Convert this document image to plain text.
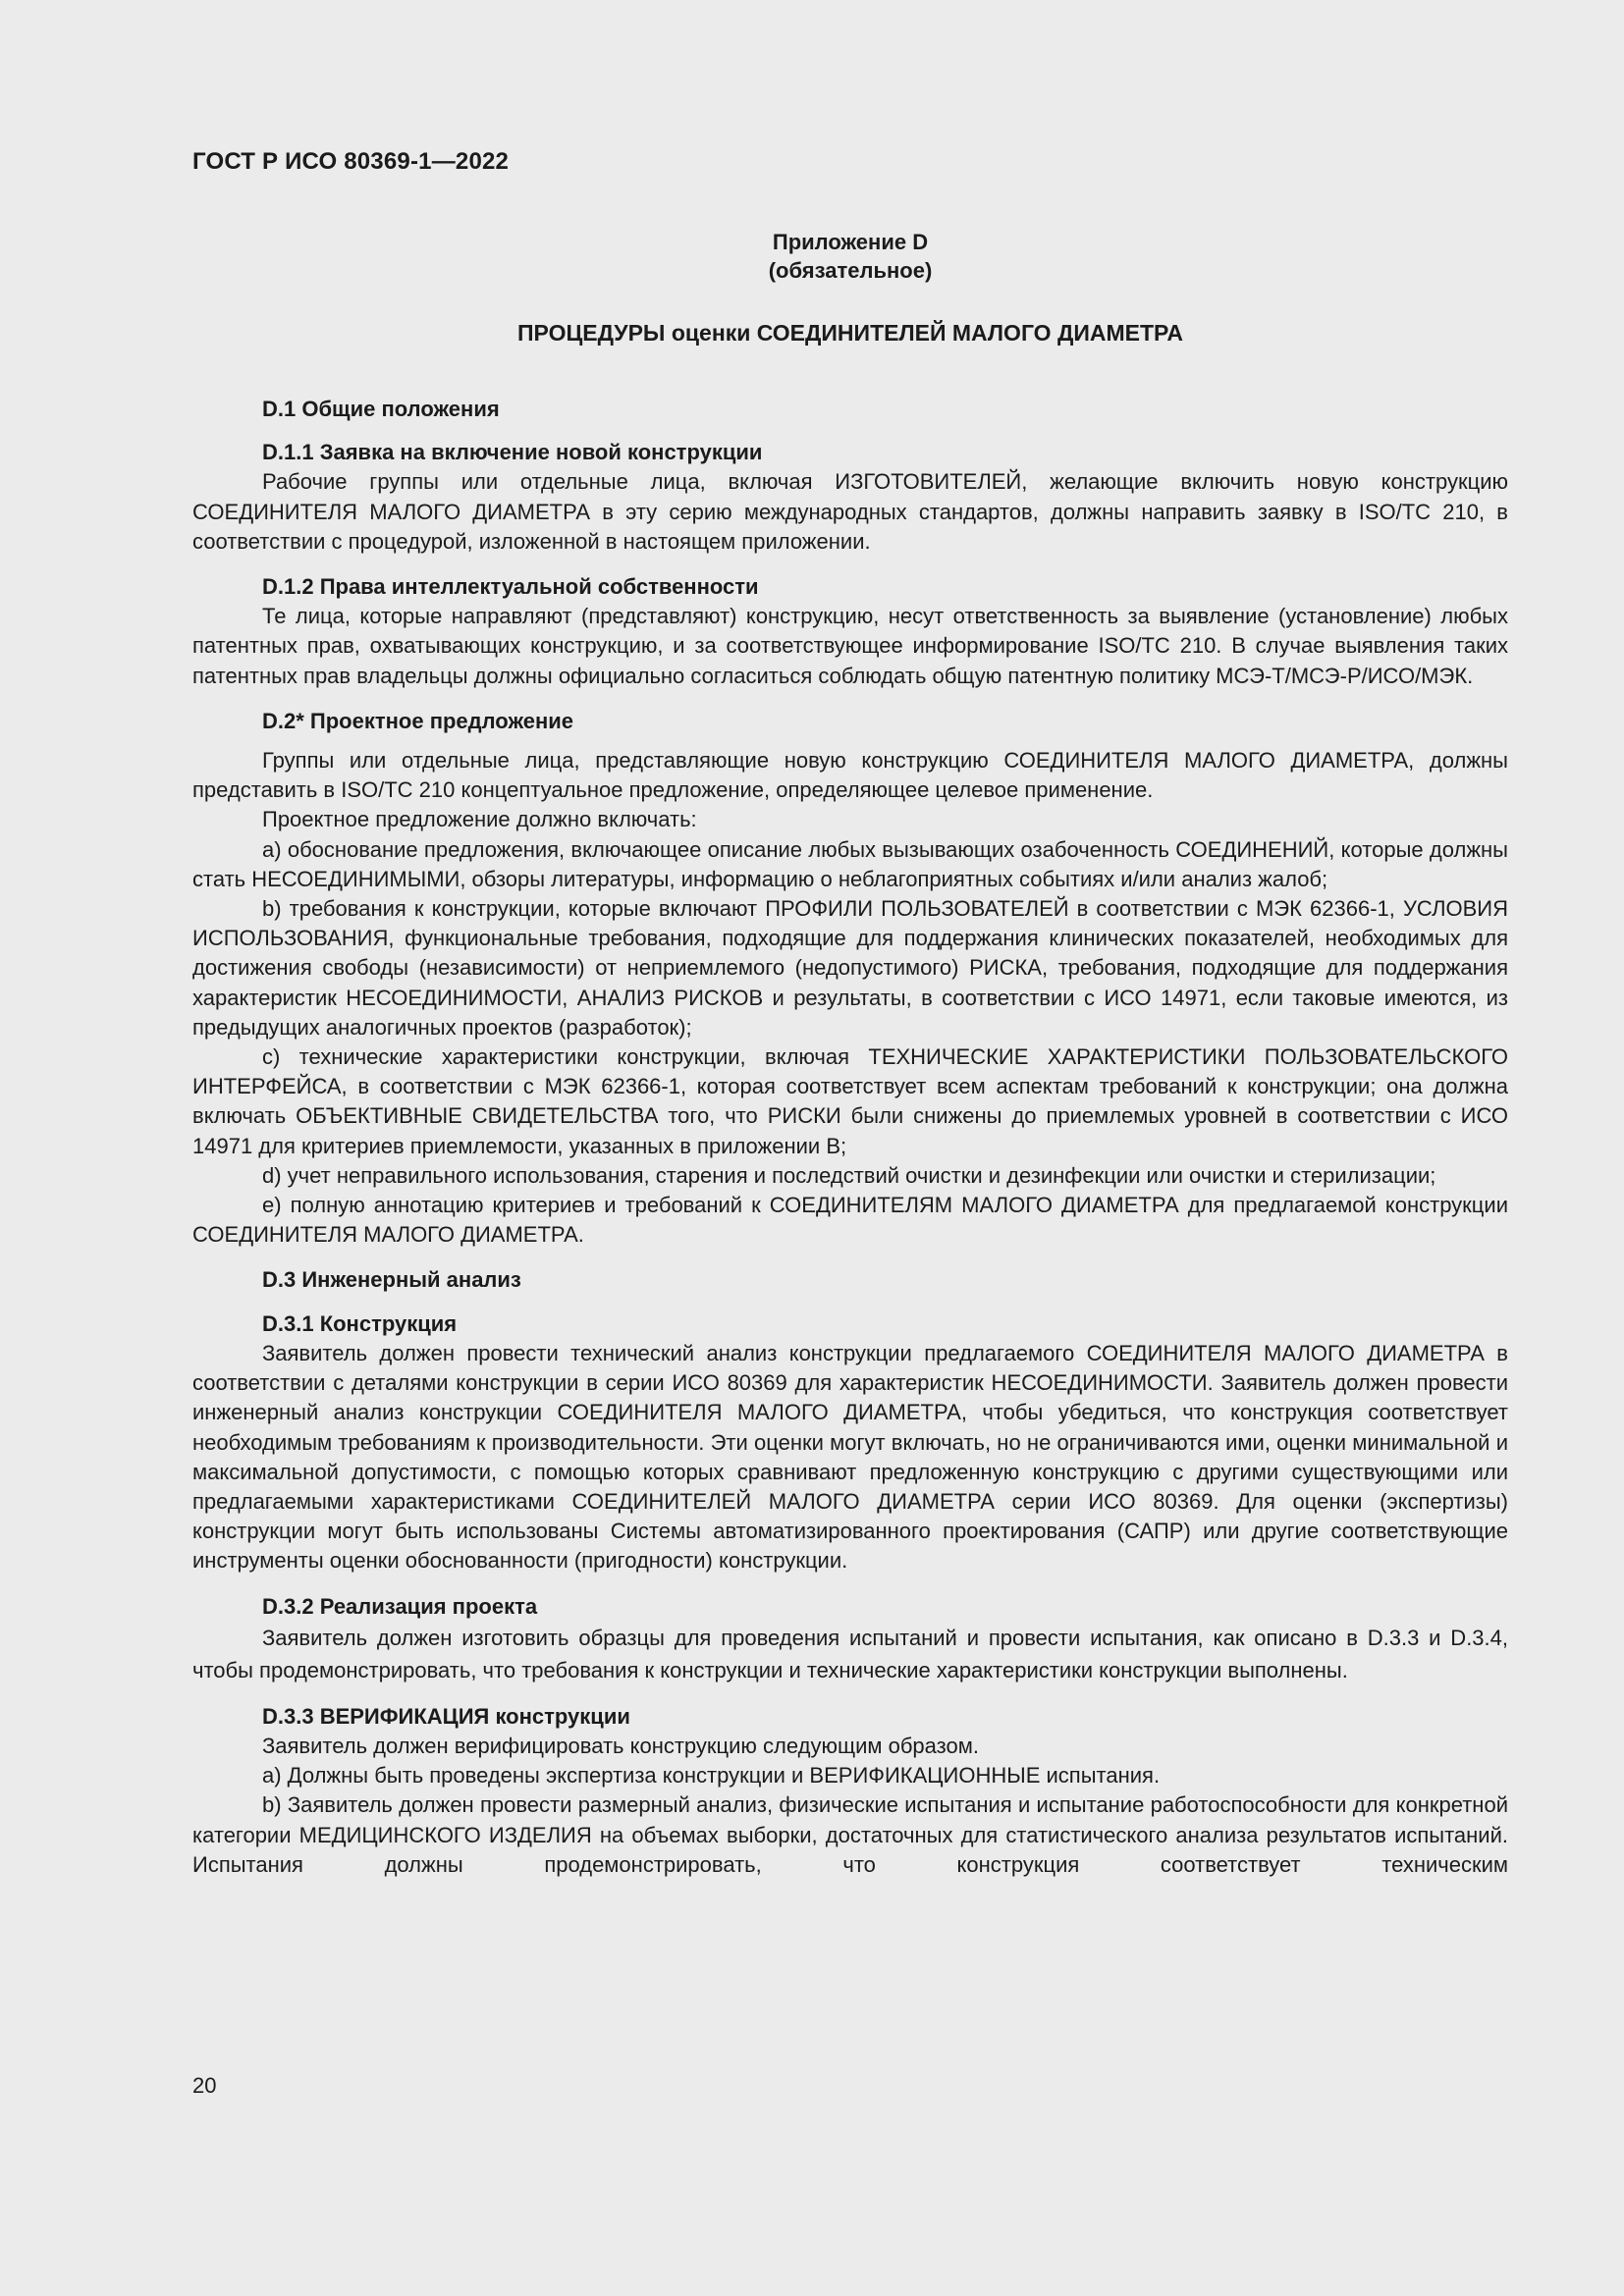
ГОСТ Р ИСО 80369-1—2022
Приложение D
(обязательное)
ПРОЦЕДУРЫ оценки СОЕДИНИТЕЛЕЙ МАЛОГО ДИАМЕТРА
D.1 Общие положения
D.1.1 Заявка на включение новой конструкции
Рабочие группы или отдельные лица, включая ИЗГОТОВИТЕЛЕЙ, желающие включить новую конструкцию СОЕДИНИТЕЛЯ МАЛОГО ДИАМЕТРА в эту серию международных стандартов, должны направить заявку в ISO/TC 210, в соответствии с процедурой, изложенной в настоящем приложении.
D.1.2 Права интеллектуальной собственности
Те лица, которые направляют (представляют) конструкцию, несут ответственность за выявление (установление) любых патентных прав, охватывающих конструкцию, и за соответствующее информирование ISO/TC 210. В случае выявления таких патентных прав владельцы должны официально согласиться соблюдать общую патентную политику МСЭ-Т/МСЭ-Р/ИСО/МЭК.
D.2* Проектное предложение
Группы или отдельные лица, представляющие новую конструкцию СОЕДИНИТЕЛЯ МАЛОГО ДИАМЕТРА, должны представить в ISO/TC 210 концептуальное предложение, определяющее целевое применение.
Проектное предложение должно включать:
a) обоснование предложения, включающее описание любых вызывающих озабоченность СОЕДИНЕНИЙ, которые должны стать НЕСОЕДИНИМЫМИ, обзоры литературы, информацию о неблагоприятных событиях и/или анализ жалоб;
b) требования к конструкции, которые включают ПРОФИЛИ ПОЛЬЗОВАТЕЛЕЙ в соответствии с МЭК 62366-1, УСЛОВИЯ ИСПОЛЬЗОВАНИЯ, функциональные требования, подходящие для поддержания клинических показателей, необходимых для достижения свободы (независимости) от неприемлемого (недопустимого) РИСКА, требования, подходящие для поддержания характеристик НЕСОЕДИНИМОСТИ, АНАЛИЗ РИСКОВ и результаты, в соответствии с ИСО 14971, если таковые имеются, из предыдущих аналогичных проектов (разработок);
c) технические характеристики конструкции, включая ТЕХНИЧЕСКИЕ ХАРАКТЕРИСТИКИ ПОЛЬЗОВАТЕЛЬСКОГО ИНТЕРФЕЙСА, в соответствии с МЭК 62366-1, которая соответствует всем аспектам требований к конструкции; она должна включать ОБЪЕКТИВНЫЕ СВИДЕТЕЛЬСТВА того, что РИСКИ были снижены до приемлемых уровней в соответствии с ИСО 14971 для критериев приемлемости, указанных в приложении В;
d) учет неправильного использования, старения и последствий очистки и дезинфекции или очистки и стерилизации;
e) полную аннотацию критериев и требований к СОЕДИНИТЕЛЯМ МАЛОГО ДИАМЕТРА для предлагаемой конструкции СОЕДИНИТЕЛЯ МАЛОГО ДИАМЕТРА.
D.3 Инженерный анализ
D.3.1 Конструкция
Заявитель должен провести технический анализ конструкции предлагаемого СОЕДИНИТЕЛЯ МАЛОГО ДИАМЕТРА в соответствии с деталями конструкции в серии ИСО 80369 для характеристик НЕСОЕДИНИМОСТИ. Заявитель должен провести инженерный анализ конструкции СОЕДИНИТЕЛЯ МАЛОГО ДИАМЕТРА, чтобы убедиться, что конструкция соответствует необходимым требованиям к производительности. Эти оценки могут включать, но не ограничиваются ими, оценки минимальной и максимальной допустимости, с помощью которых сравнивают предложенную конструкцию с другими существующими или предлагаемыми характеристиками СОЕДИНИТЕЛЕЙ МАЛОГО ДИАМЕТРА серии ИСО 80369. Для оценки (экспертизы) конструкции могут быть использованы Системы автоматизированного проектирования (САПР) или другие соответствующие инструменты оценки обоснованности (пригодности) конструкции.
D.3.2 Реализация проекта
Заявитель должен изготовить образцы для проведения испытаний и провести испытания, как описано в D.3.3 и D.3.4, чтобы продемонстрировать, что требования к конструкции и технические характеристики конструкции выполнены.
D.3.3 ВЕРИФИКАЦИЯ конструкции
Заявитель должен верифицировать конструкцию следующим образом.
a) Должны быть проведены экспертиза конструкции и ВЕРИФИКАЦИОННЫЕ испытания.
b) Заявитель должен провести размерный анализ, физические испытания и испытание работоспособности для конкретной категории МЕДИЦИНСКОГО ИЗДЕЛИЯ на объемах выборки, достаточных для статистического анализа результатов испытаний. Испытания должны продемонстрировать, что конструкция соответствует техническим
20
